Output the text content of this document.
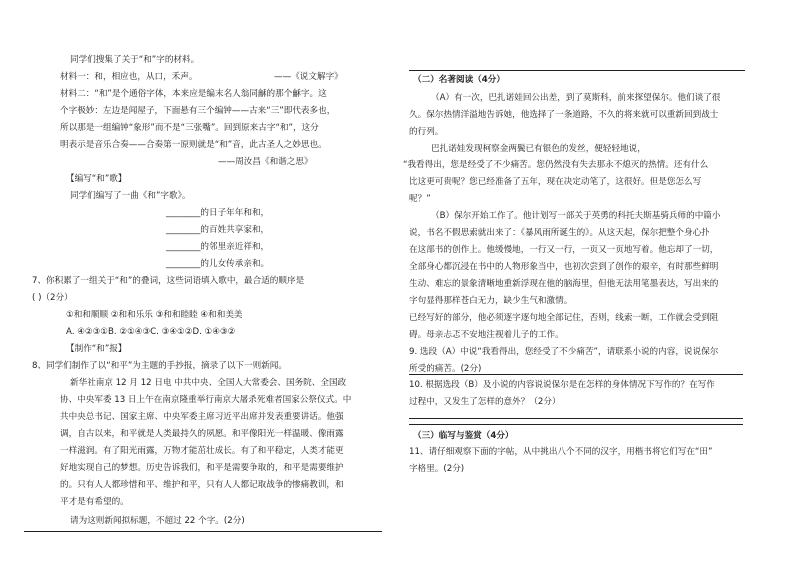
同学们搜集了关于“和”字的材料。
材料一：和，相应也，从口，禾声。	——《说文解字》
材料二：“和”是个通俗字体，本来应是编末名人翁同龢的那个龢字。这
个字极妙：左边是闻屋子，下面悬有三个编钟——古来“三”即代表多也，
所以那是一组编钟“象形”而不是“三张嘴”。回到原来古字“和”，这分
明表示是音乐合奏——合奏第一原则就是“和”音，此古圣人之妙思也。
——周汝昌《和谐之思》
【编写“和”歌】
同学们编写了一曲《和”字歌》。
________的日子年年和和，
________的百姓共享家和，
________的邻里亲近祥和，
________的儿女传承亲和。
7、你积累了一组关于“和”的叠词，这些词语填入歌中，最合适的顺序是
( )（2分）
①和和顺顺 ②和和乐乐 ③和和睦睦 ④和和美美
A. ④②③①B. ②①④③C. ③④①②D. ①④③②
【制作“和”报】
8、同学们制作了以“和平”为主题的手抄报，摘录了以下一则新闻。
新华社南京 12 月 12 日电 中共中央、全国人大常委会、国务院、全国政
协、中央军委 13 日上午在南京隆重举行南京大屠杀死难者国家公祭仪式。中
共中央总书记、国家主席、中央军委主席习近平出席并发表重要讲话。他强
调，自古以来，和平就是人类最持久的夙愿。和平像阳光一样温暖、像雨露
一样滋润。有了阳光雨露，万物才能茁壮成长。有了和平稳定，人类才能更
好地实现自己的梦想。历史告诉我们，和平是需要争取的，和平是需要维护
的。只有人人都珍惜和平、维护和平，只有人人都记取战争的惨痛教训，和
平才是有希望的。
请为这则新闻拟标题，不超过 22 个字。(2分)
（二）名著阅读（4分）
（A）有一次，巴扎诺娃回公出差，到了莫斯科，前来探望保尔。他们谈了很
久。保尔热情洋溢地告诉她，他选择了一条道路，不久的将来就可以重新回到战士
的行列。
巴扎诺娃发现柯察金两鬓已有银色的发丝，便轻轻地说，
“我看得出，您是经受了不少痛苦。您仍然没有失去那永不熄灭的热情。还有什么
比这更可贵呢？您已经准备了五年，现在决定动笔了，这很好。但是您怎么写
呢？”
（B）保尔开始工作了。他计划写一部关于英勇的科托夫斯基骑兵师的中篇小
说，书名不假思索就出来了：《暴风雨所诞生的》。从这天起，保尔把整个身心扑
在这部书的创作上。他缓慢地，一行又一行，一页又一页地写着。他忘却了一切，
全部身心都沉浸在书中的人物形象当中，也初次尝到了创作的艰辛，有时那些鲜明
生动、难忘的景象清晰地重新浮现在他的脑海里，但他无法用笔墨表达，写出来的
字句显得那样苍白无力，缺少生气和激情。
已经写好的部分，他必须逐字逐句地全部记住，否则，线索一断，工作就会受到阻
碍。母亲忐忑不安地注视着儿子的工作。
9. 选段（A）中说“我看得出，您经受了不少痛苦”，请联系小说的内容，说说保尔
所受的痛苦。(2分)
10. 根据选段（B）及小说的内容说说保尔是在怎样的身体情况下写作的？在写作
过程中，又发生了怎样的意外？（2分）
（三）临写与鉴赏（4分）
11、请仔细观察下面的字帖，从中挑出八个不同的汉字，用楷书将它们写在“田”
字格里。(2分)
